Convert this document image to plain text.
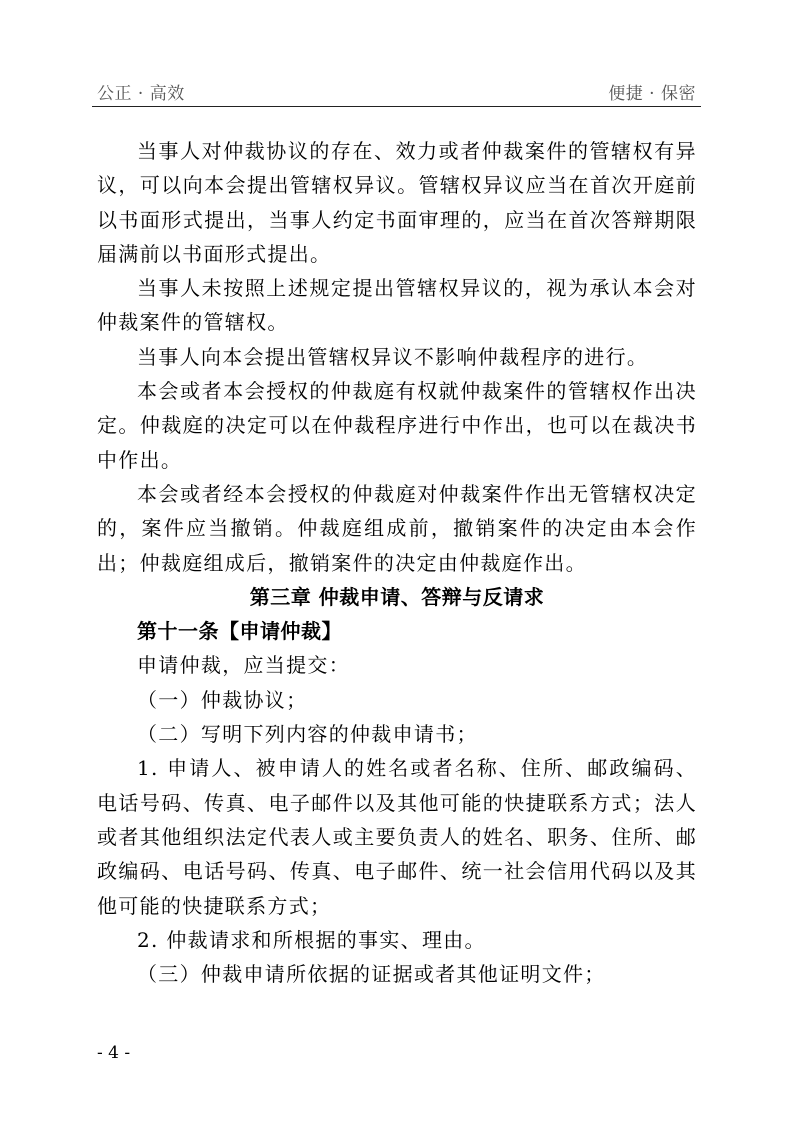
公正 · 高效	便捷 · 保密

当事人对仲裁协议的存在、效力或者仲裁案件的管辖权有异议，可以向本会提出管辖权异议。管辖权异议应当在首次开庭前以书面形式提出，当事人约定书面审理的，应当在首次答辩期限届满前以书面形式提出。

当事人未按照上述规定提出管辖权异议的，视为承认本会对仲裁案件的管辖权。

当事人向本会提出管辖权异议不影响仲裁程序的进行。

本会或者本会授权的仲裁庭有权就仲裁案件的管辖权作出决定。仲裁庭的决定可以在仲裁程序进行中作出，也可以在裁决书中作出。

本会或者经本会授权的仲裁庭对仲裁案件作出无管辖权决定的，案件应当撤销。仲裁庭组成前，撤销案件的决定由本会作出；仲裁庭组成后，撤销案件的决定由仲裁庭作出。

第三章 仲裁申请、答辩与反请求

第十一条【申请仲裁】

申请仲裁，应当提交：

（一）仲裁协议；

（二）写明下列内容的仲裁申请书；

1. 申请人、被申请人的姓名或者名称、住所、邮政编码、电话号码、传真、电子邮件以及其他可能的快捷联系方式；法人或者其他组织法定代表人或主要负责人的姓名、职务、住所、邮政编码、电话号码、传真、电子邮件、统一社会信用代码以及其他可能的快捷联系方式；

2. 仲裁请求和所根据的事实、理由。

（三）仲裁申请所依据的证据或者其他证明文件；

- 4 -
